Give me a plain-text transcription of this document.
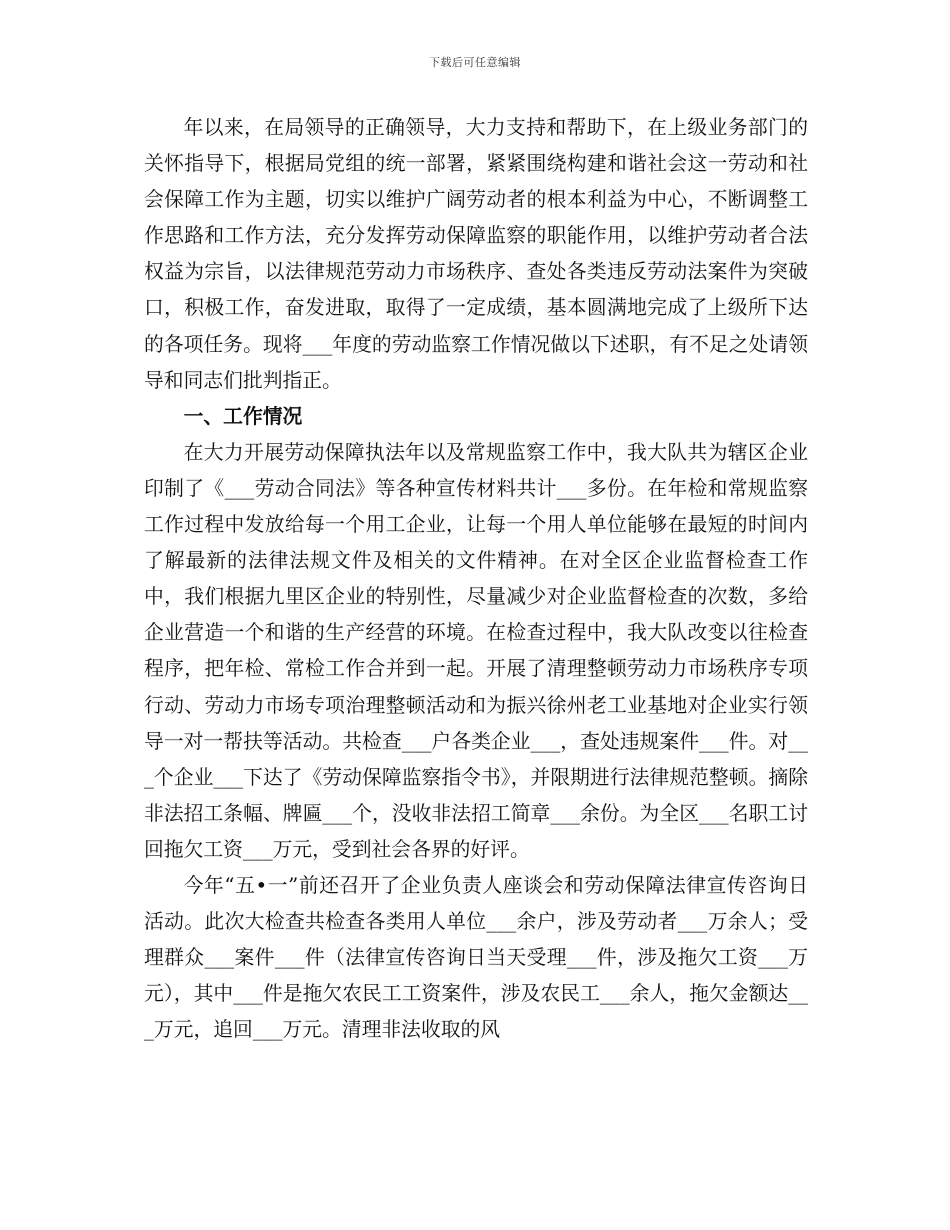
下载后可任意编辑

年以来，在局领导的正确领导，大力支持和帮助下，在上级业务部门的关怀指导下，根据局党组的统一部署，紧紧围绕构建和谐社会这一劳动和社会保障工作为主题，切实以维护广阔劳动者的根本利益为中心，不断调整工作思路和工作方法，充分发挥劳动保障监察的职能作用，以维护劳动者合法权益为宗旨，以法律规范劳动力市场秩序、查处各类违反劳动法案件为突破口，积极工作，奋发进取，取得了一定成绩，基本圆满地完成了上级所下达的各项任务。现将___年度的劳动监察工作情况做以下述职，有不足之处请领导和同志们批判指正。

一、工作情况

在大力开展劳动保障执法年以及常规监察工作中，我大队共为辖区企业印制了《___劳动合同法》等各种宣传材料共计___多份。在年检和常规监察工作过程中发放给每一个用工企业，让每一个用人单位能够在最短的时间内了解最新的法律法规文件及相关的文件精神。在对全区企业监督检查工作中，我们根据九里区企业的特别性，尽量减少对企业监督检查的次数，多给企业营造一个和谐的生产经营的环境。在检查过程中，我大队改变以往检查程序，把年检、常检工作合并到一起。开展了清理整顿劳动力市场秩序专项行动、劳动力市场专项治理整顿活动和为振兴徐州老工业基地对企业实行领导一对一帮扶等活动。共检查___户各类企业___，查处违规案件___件。对___个企业___下达了《劳动保障监察指令书》，并限期进行法律规范整顿。摘除非法招工条幅、牌匾___个，没收非法招工简章___余份。为全区___名职工讨回拖欠工资___万元，受到社会各界的好评。

今年“五•一”前还召开了企业负责人座谈会和劳动保障法律宣传咨询日活动。此次大检查共检查各类用人单位___余户，涉及劳动者___万余人；受理群众___案件___件（法律宣传咨询日当天受理___件，涉及拖欠工资___万元），其中___件是拖欠农民工工资案件，涉及农民工___余人，拖欠金额达___万元，追回___万元。清理非法收取的风
